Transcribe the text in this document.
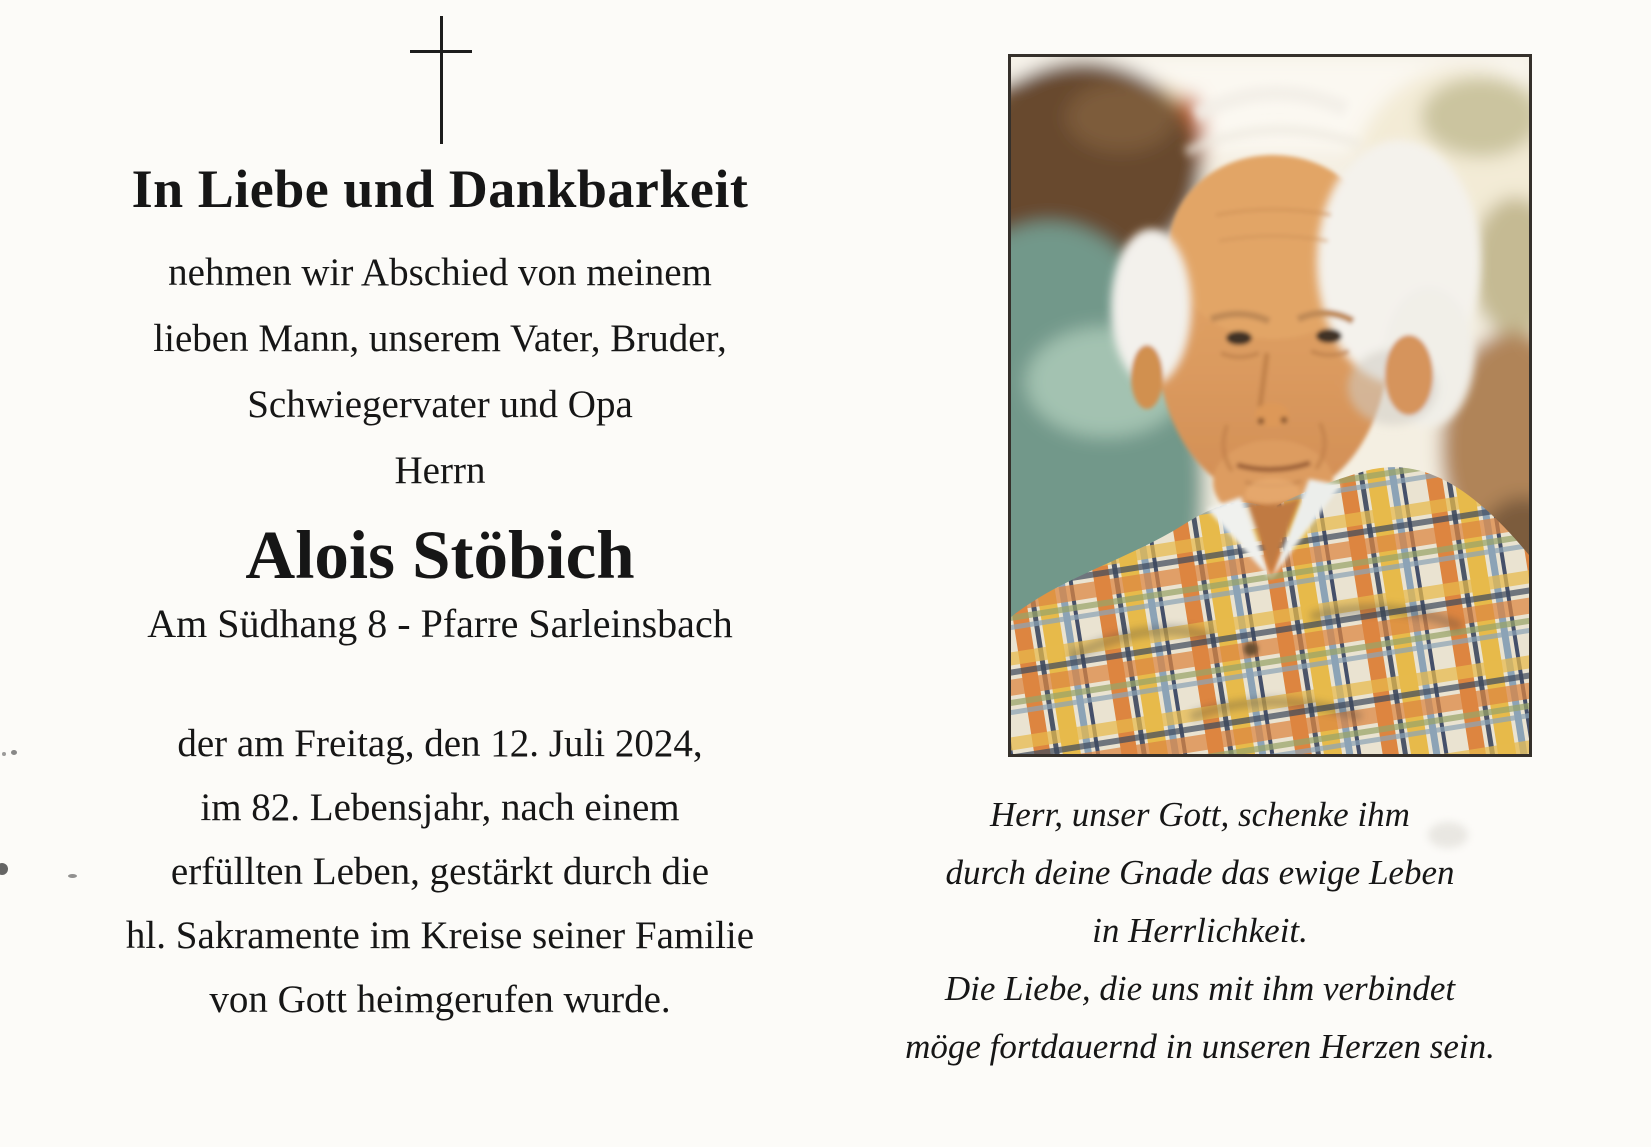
In Liebe und Dankbarkeit
nehmen wir Abschied von meinem
lieben Mann, unserem Vater, Bruder,
Schwiegervater und Opa
Herrn
Alois Stöbich
Am Südhang 8 - Pfarre Sarleinsbach
der am Freitag, den 12. Juli 2024,
im 82. Lebensjahr, nach einem
erfüllten Leben, gestärkt durch die
hl. Sakramente im Kreise seiner Familie
von Gott heimgerufen wurde.
Herr, unser Gott, schenke ihm
durch deine Gnade das ewige Leben
in Herrlichkeit.
Die Liebe, die uns mit ihm verbindet
möge fortdauernd in unseren Herzen sein.
